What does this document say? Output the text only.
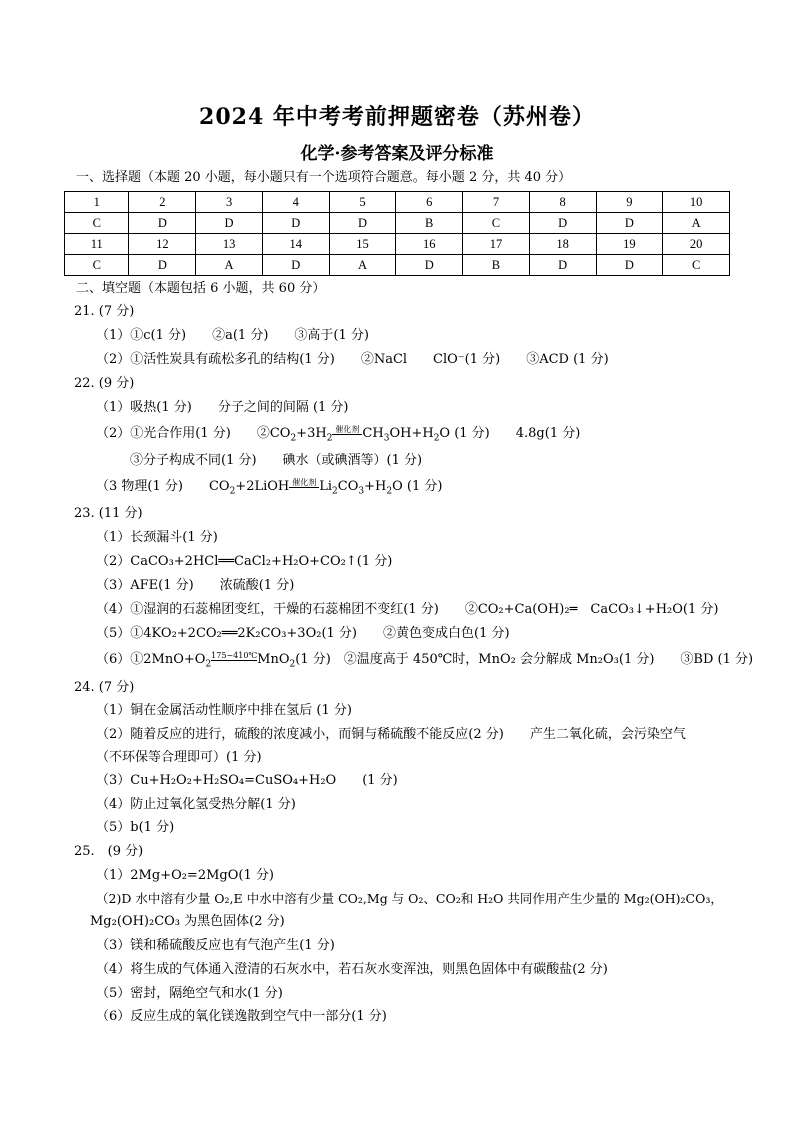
2024 年中考考前押题密卷（苏州卷）
化学·参考答案及评分标准
一、选择题（本题 20 小题，每小题只有一个选项符合题意。每小题 2 分，共 40 分）
1	2	3	4	5	6	7	8	9	10
C	D	D	D	D	B	C	D	D	A
11	12	13	14	15	16	17	18	19	20
C	D	A	D	A	D	B	D	D	C
二、填空题（本题包括 6 小题，共 60 分）
21. (7 分)
（1）①c(1 分)　　②a(1 分)　　③高于(1 分)
（2）①活性炭具有疏松多孔的结构(1 分)　　②NaCl　　ClO⁻(1 分)　　③ACD (1 分)
22. (9 分)
（1）吸热(1 分)　　分子之间的间隔 (1 分)
（2）①光合作用(1 分)　　$②CO_2+3H_2$
催化剂 $CH_3OH+H_2O$ (1 分)　　4.8g(1 分)
③分子构成不同(1 分)　　碘水（或碘酒等）(1 分)
（3 物理(1 分)　　$CO_2+2LiOH$ 催化剂 $Li_2CO_3+H_2O$ (1 分)
23. (11 分)
（1）长颈漏斗(1 分)
（2）CaCO₃+2HCl══CaCl₂+H₂O+CO₂↑(1 分)
（3）AFE(1 分)　　浓硫酸(1 分)
（4）①湿润的石蕊棉团变红，干燥的石蕊棉团不变红(1 分)　　②CO₂+Ca(OH)₂═　CaCO₃↓+H₂O(1 分)
（5）①4KO₂+2CO₂══2K₂CO₃+3O₂(1 分)　　②黄色变成白色(1 分)
$(6)①2MnO+O_2$
175~410℃ MnO$_2$(1 分)　②温度高于 450℃时，MnO₂ 会分解成 Mn₂O₃(1 分)　　③BD (1 分)
24. (7 分)
（1）铜在金属活动性顺序中排在氢后 (1 分)
（2）随着反应的进行，硫酸的浓度减小，而铜与稀硫酸不能反应(2 分)　　产生二氧化硫，会污染空气
（不环保等合理即可）(1 分)
（3）Cu+H₂O₂+H₂SO₄=CuSO₄+H₂O　　(1 分)
（4）防止过氧化氢受热分解(1 分)
（5）b(1 分)
25.　(9 分)
（1）2Mg+O₂=2MgO(1 分)
（2)D 水中溶有少量 O₂,E 中水中溶有少量 CO₂,Mg 与 O₂、CO₂和 H₂O 共同作用产生少量的 Mg₂(OH)₂CO₃，
Mg₂(OH)₂CO₃ 为黑色固体(2 分)
（3）镁和稀硫酸反应也有气泡产生(1 分)
（4）将生成的气体通入澄清的石灰水中，若石灰水变浑浊，则黑色固体中有碳酸盐(2 分)
（5）密封，隔绝空气和水(1 分)
（6）反应生成的氧化镁逸散到空气中一部分(1 分)
